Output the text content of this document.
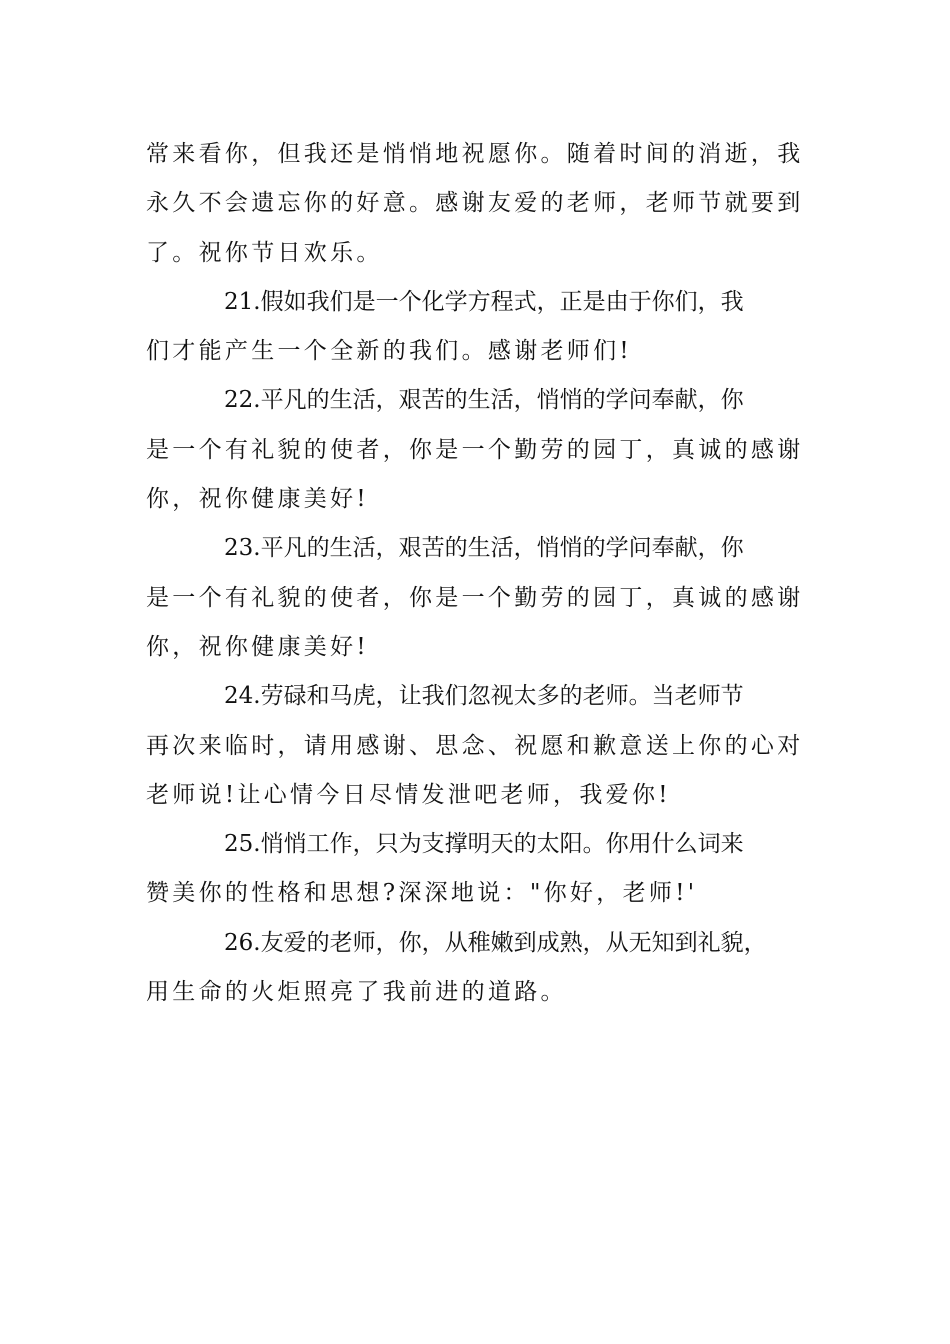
常来看你，但我还是悄悄地祝愿你。随着时间的消逝，我
永久不会遗忘你的好意。感谢友爱的老师，老师节就要到
了。祝你节日欢乐。

21.假如我们是一个化学方程式，正是由于你们，我
们才能产生一个全新的我们。感谢老师们!

22.平凡的生活，艰苦的生活，悄悄的学问奉献，你
是一个有礼貌的使者，你是一个勤劳的园丁，真诚的感谢
你，祝你健康美好!

23.平凡的生活，艰苦的生活，悄悄的学问奉献，你
是一个有礼貌的使者，你是一个勤劳的园丁，真诚的感谢
你，祝你健康美好!

24.劳碌和马虎，让我们忽视太多的老师。当老师节
再次来临时，请用感谢、思念、祝愿和歉意送上你的心对
老师说!让心情今日尽情发泄吧老师，我爱你!

25.悄悄工作，只为支撑明天的太阳。你用什么词来
赞美你的性格和思想?深深地说："你好，老师!'

26.友爱的老师，你，从稚嫩到成熟，从无知到礼貌，
用生命的火炬照亮了我前进的道路。
